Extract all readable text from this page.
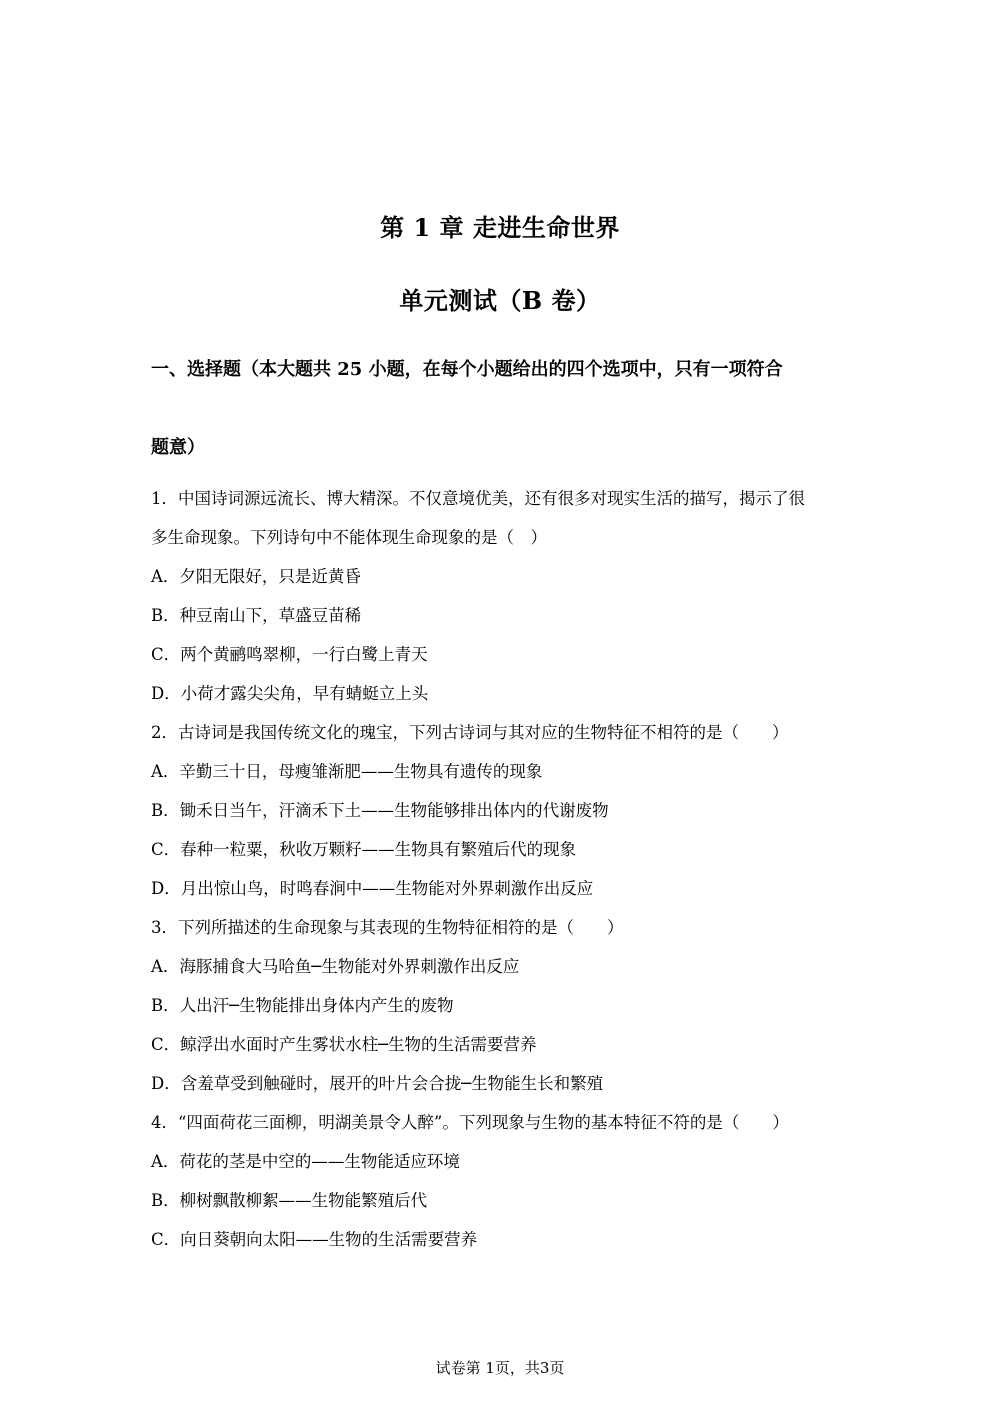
第 1 章 走进生命世界
单元测试（B 卷）
一、选择题（本大题共 25 小题，在每个小题给出的四个选项中，只有一项符合
题意）
1．中国诗词源远流长、博大精深。不仅意境优美，还有很多对现实生活的描写，揭示了很
多生命现象。下列诗句中不能体现生命现象的是（　）
A．夕阳无限好，只是近黄昏
B．种豆南山下，草盛豆苗稀
C．两个黄鹂鸣翠柳，一行白鹭上青天
D．小荷才露尖尖角，早有蜻蜓立上头
2．古诗词是我国传统文化的瑰宝，下列古诗词与其对应的生物特征不相符的是（　　）
A．辛勤三十日，母瘦雏渐肥——生物具有遗传的现象
B．锄禾日当午，汗滴禾下土——生物能够排出体内的代谢废物
C．春种一粒粟，秋收万颗籽——生物具有繁殖后代的现象
D．月出惊山鸟，时鸣春涧中——生物能对外界刺激作出反应
3．下列所描述的生命现象与其表现的生物特征相符的是（　　）
A．海豚捕食大马哈鱼─生物能对外界刺激作出反应
B．人出汗─生物能排出身体内产生的废物
C．鲸浮出水面时产生雾状水柱─生物的生活需要营养
D．含羞草受到触碰时，展开的叶片会合拢─生物能生长和繁殖
4．“四面荷花三面柳，明湖美景令人醉”。下列现象与生物的基本特征不符的是（　　）
A．荷花的茎是中空的——生物能适应环境
B．柳树飘散柳絮——生物能繁殖后代
C．向日葵朝向太阳——生物的生活需要营养
试卷第 1页，共3页
